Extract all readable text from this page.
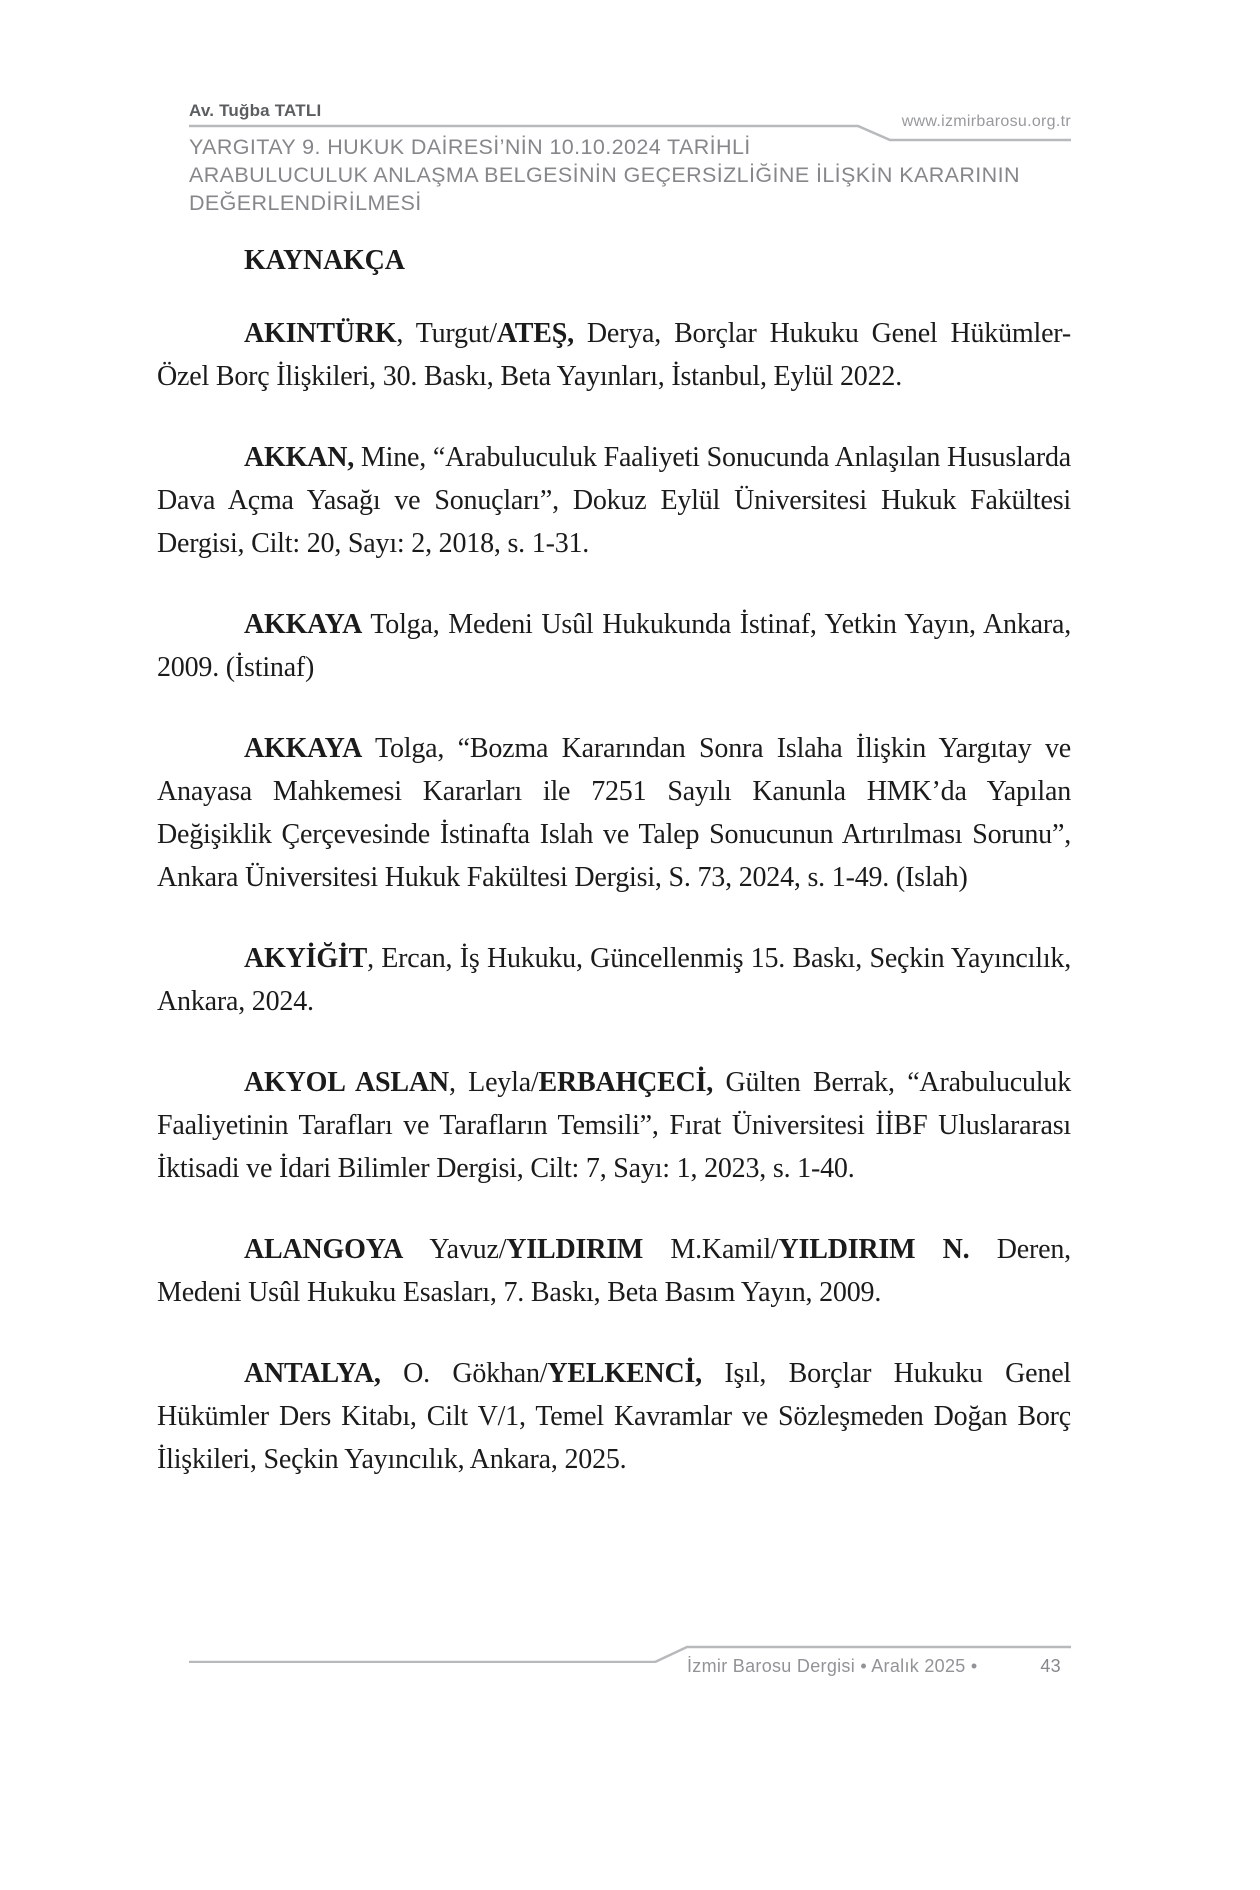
Av. Tuğba TATLI
www.izmirbarosu.org.tr
YARGITAY 9. HUKUK DAİRESİ’NİN 10.10.2024 TARİHLİ
ARABULUCULUK ANLAŞMA BELGESİNİN GEÇERSİZLİĞİNE İLİŞKİN KARARININ
DEĞERLENDİRİLMESİ

KAYNAKÇA

AKINTÜRK, Turgut/ATEŞ, Derya, Borçlar Hukuku Genel Hükümler-Özel Borç İlişkileri, 30. Baskı, Beta Yayınları, İstanbul, Eylül 2022.

AKKAN, Mine, “Arabuluculuk Faaliyeti Sonucunda Anlaşılan Hususlarda Dava Açma Yasağı ve Sonuçları”, Dokuz Eylül Üniversitesi Hukuk Fakültesi Dergisi, Cilt: 20, Sayı: 2, 2018, s. 1-31.

AKKAYA Tolga, Medeni Usûl Hukukunda İstinaf, Yetkin Yayın, Ankara, 2009. (İstinaf)

AKKAYA Tolga, “Bozma Kararından Sonra Islaha İlişkin Yargıtay ve Anayasa Mahkemesi Kararları ile 7251 Sayılı Kanunla HMK’da Yapılan Değişiklik Çerçevesinde İstinafta Islah ve Talep Sonucunun Artırılması Sorunu”, Ankara Üniversitesi Hukuk Fakültesi Dergisi, S. 73, 2024, s. 1-49. (Islah)

AKYİĞİT, Ercan, İş Hukuku, Güncellenmiş 15. Baskı, Seçkin Yayıncılık, Ankara, 2024.

AKYOL ASLAN, Leyla/ERBAHÇECİ, Gülten Berrak, “Arabuluculuk Faaliyetinin Tarafları ve Tarafların Temsili”, Fırat Üniversitesi İİBF Uluslararası İktisadi ve İdari Bilimler Dergisi, Cilt: 7, Sayı: 1, 2023, s. 1-40.

ALANGOYA Yavuz/YILDIRIM M.Kamil/YILDIRIM N. Deren, Medeni Usûl Hukuku Esasları, 7. Baskı, Beta Basım Yayın, 2009.

ANTALYA, O. Gökhan/YELKENCİ, Işıl, Borçlar Hukuku Genel Hükümler Ders Kitabı, Cilt V/1, Temel Kavramlar ve Sözleşmeden Doğan Borç İlişkileri, Seçkin Yayıncılık, Ankara, 2025.

İzmir Barosu Dergisi • Aralık 2025 •	43
